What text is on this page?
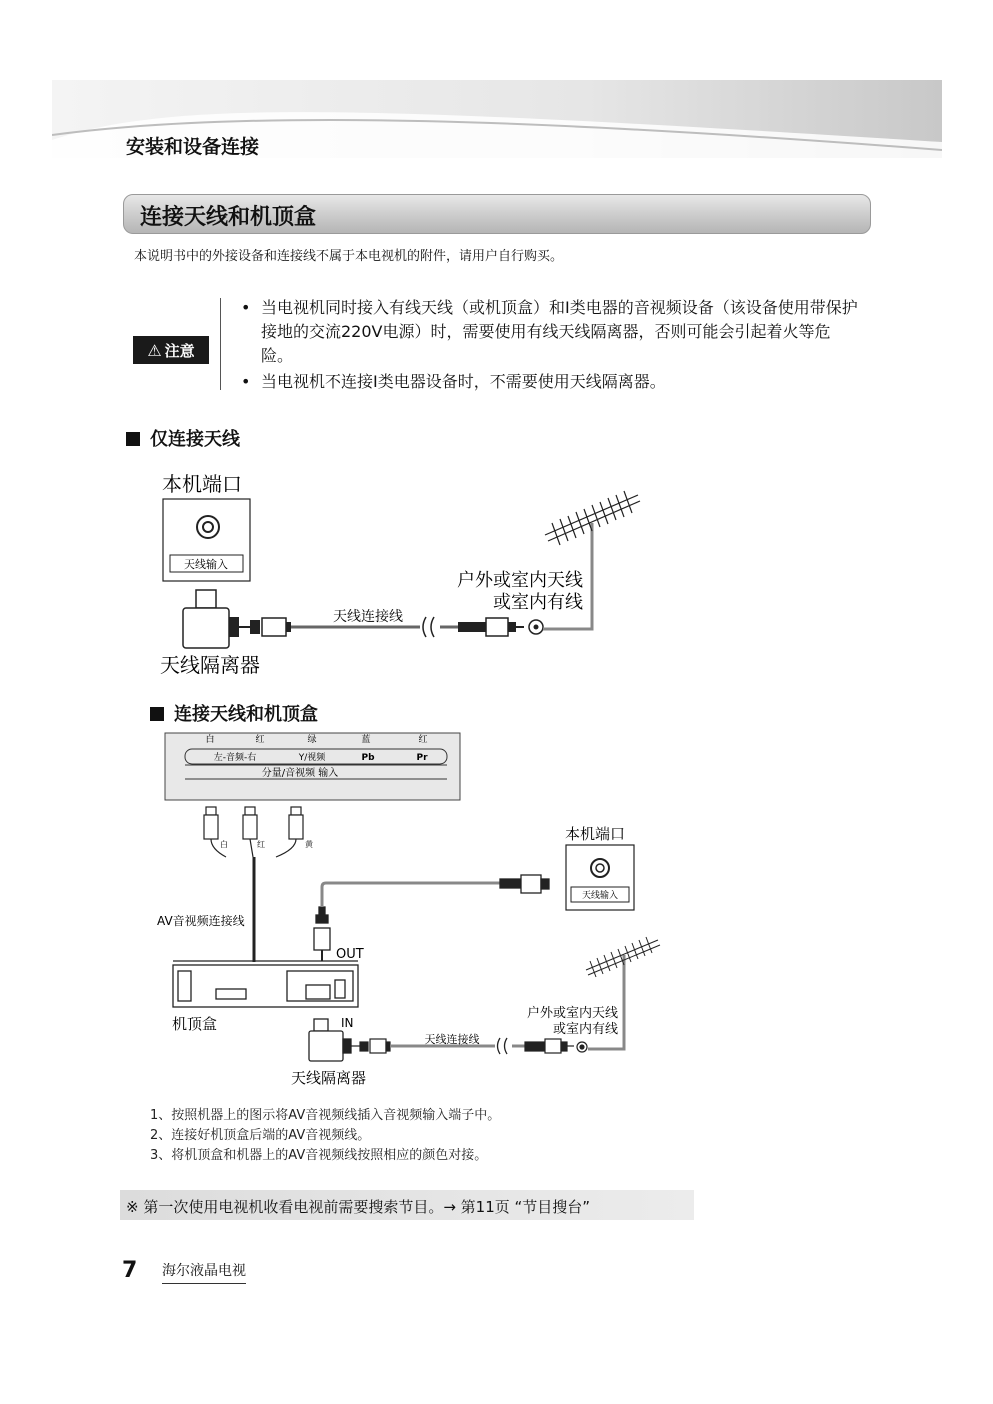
安装和设备连接
连接天线和机顶盒
本说明书中的外接设备和连接线不属于本电视机的附件，请用户自行购买。
⚠ 注意
• 当电视机同时接入有线天线（或机顶盒）和I类电器的音视频设备（该设备使用带保护接地的交流220V电源）时，需要使用有线天线隔离器，否则可能会引起着火等危险。
• 当电视机不连接I类电器设备时，不需要使用天线隔离器。
仅连接天线
本机端口
天线输入
天线连接线
户外或室内天线
或室内有线
天线隔离器
连接天线和机顶盒
白	红	绿	蓝	红
左-音频-右	Y/视频	Pb	Pr
分量/音视频 输入
白	红	黄
AV音视频连接线
机顶盒
OUT
本机端口
天线输入
IN
天线连接线
户外或室内天线
或室内有线
天线隔离器
1、按照机器上的图示将AV音视频线插入音视频输入端子中。
2、连接好机顶盒后端的AV音视频线。
3、将机顶盒和机器上的AV音视频线按照相应的颜色对接。
※ 第一次使用电视机收看电视前需要搜索节目。→ 第11页 “节目搜台”
7 海尔液晶电视
